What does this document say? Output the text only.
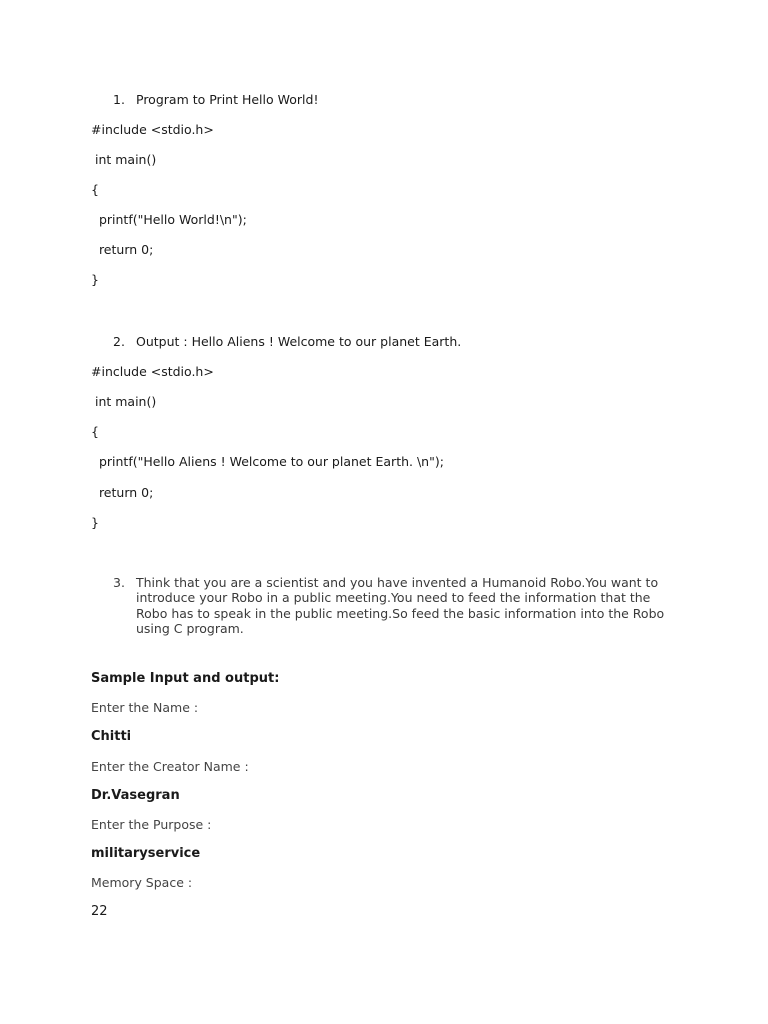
1. Program to Print Hello World!
#include <stdio.h>
int main()
{
printf("Hello World!\n");
return 0;
}
2. Output : Hello Aliens ! Welcome to our planet Earth.
#include <stdio.h>
int main()
{
printf("Hello Aliens ! Welcome to our planet Earth. \n");
return 0;
}
3. Think that you are a scientist and you have invented a Humanoid Robo.You want to introduce your Robo in a public meeting.You need to feed the information that the Robo has to speak in the public meeting.So feed the basic information into the Robo using C program.
Sample Input and output:
Enter the Name :
Chitti
Enter the Creator Name :
Dr.Vasegran
Enter the Purpose :
militaryservice
Memory Space :
22
